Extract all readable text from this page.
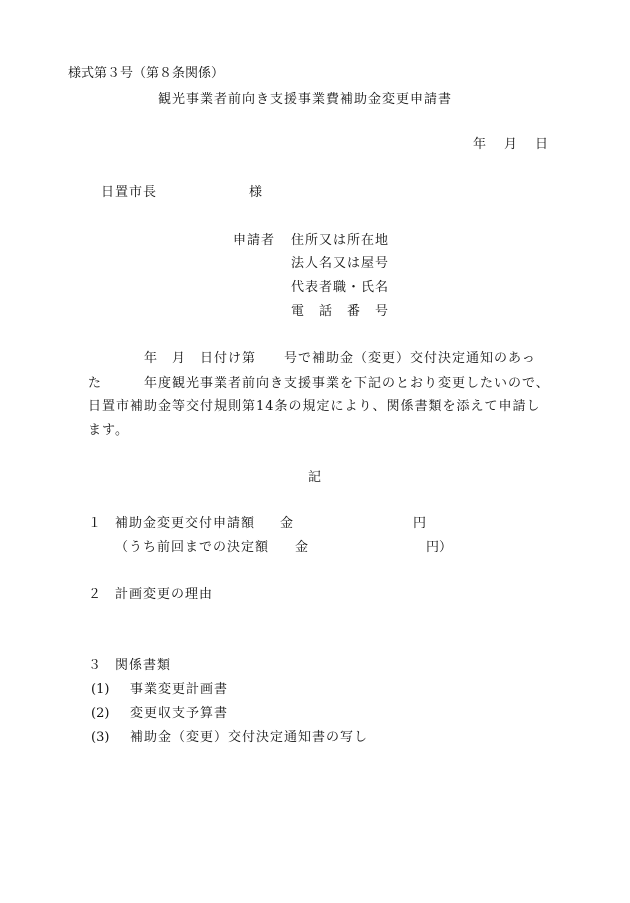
様式第３号（第８条関係）
観光事業者前向き支援事業費補助金変更申請書
年 月 日
日置市長	様
申請者 住所又は所在地
法人名又は屋号
代表者職・氏名
電　話　番　号
年　月　日付け第　　号で補助金（変更）交付決定通知のあっ
た　　　年度観光事業者前向き支援事業を下記のとおり変更したいので、
日置市補助金等交付規則第14条の規定により、関係書類を添えて申請し
ます。
記
１ 補助金変更交付申請額 金	円
（うち前回までの決定額 金	円）
２ 計画変更の理由
３ 関係書類
(1) 事業変更計画書
(2) 変更収支予算書
(3) 補助金（変更）交付決定通知書の写し
